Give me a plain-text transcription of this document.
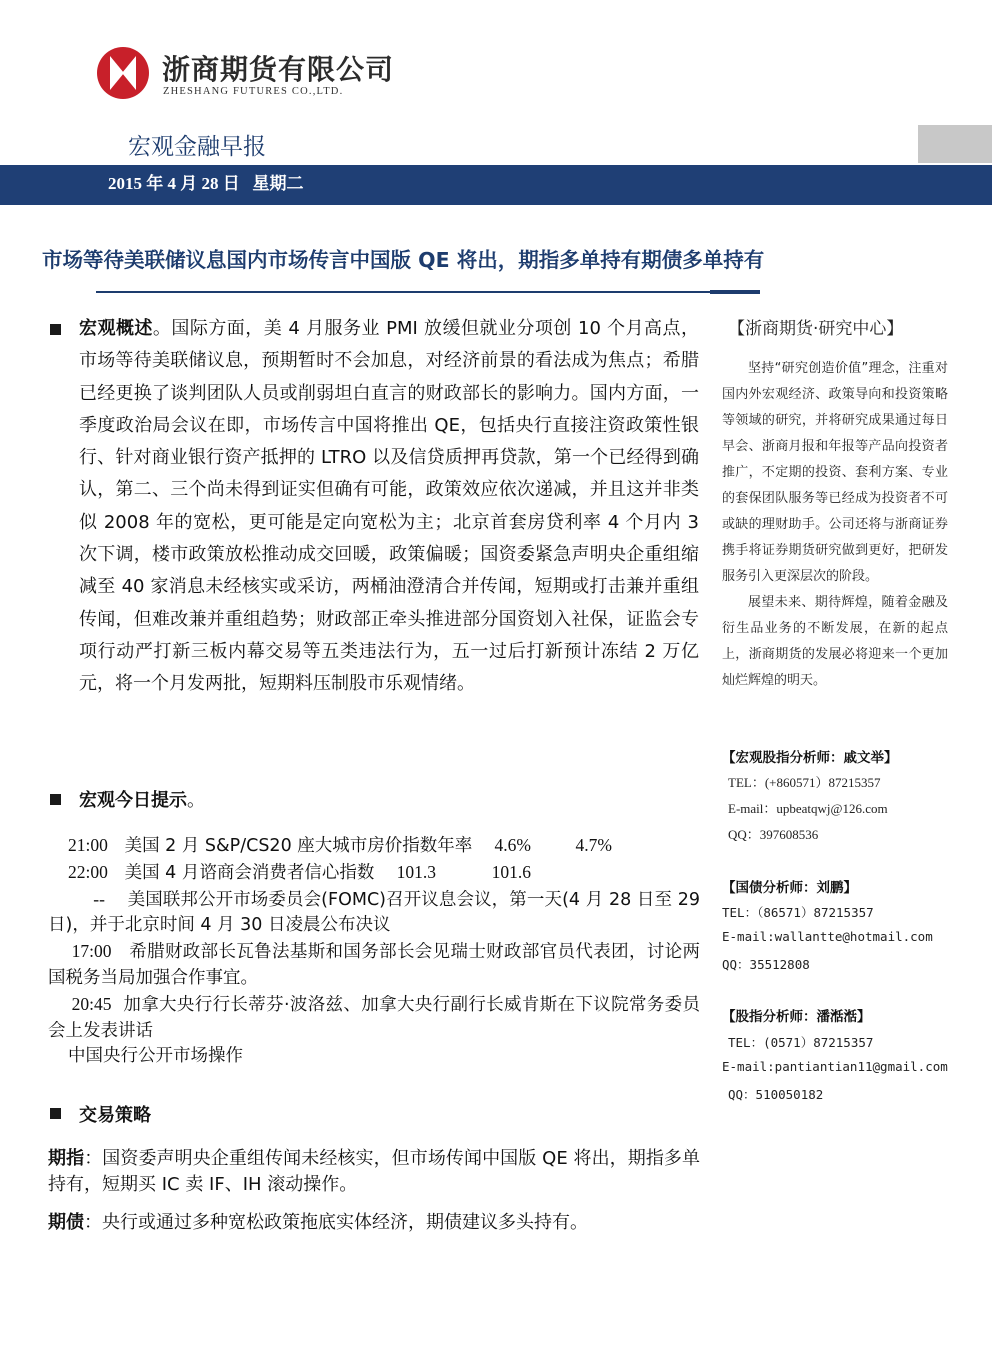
浙商期货有限公司
ZHESHANG FUTURES CO.,LTD.
宏观金融早报
2015 年 4 月 28 日 星期二
市场等待美联储议息国内市场传言中国版 QE 将出，期指多单持有期债多单持有
宏观概述。国际方面，美 4 月服务业 PMI 放缓但就业分项创 10 个月高点，市场等待美联储议息，预期暂时不会加息，对经济前景的看法成为焦点；希腊已经更换了谈判团队人员或削弱坦白直言的财政部长的影响力。国内方面，一季度政治局会议在即，市场传言中国将推出 QE，包括央行直接注资政策性银行、针对商业银行资产抵押的 LTRO 以及信贷质押再贷款，第一个已经得到确认，第二、三个尚未得到证实但确有可能，政策效应依次递减，并且这并非类似 2008 年的宽松，更可能是定向宽松为主；北京首套房贷利率 4 个月内 3 次下调，楼市政策放松推动成交回暖，政策偏暖；国资委紧急声明央企重组缩减至 40 家消息未经核实或采访，两桶油澄清合并传闻，短期或打击兼并重组传闻，但难改兼并重组趋势；财政部正牵头推进部分国资划入社保，证监会专项行动严打新三板内幕交易等五类违法行为，五一过后打新预计冻结 2 万亿元，将一个月发两批，短期料压制股市乐观情绪。
宏观今日提示。

21:00 美国 2 月 S&P/CS20 座大城市房价指数年率 4.6%	4.7%

22:00 美国 4 月谘商会消费者信心指数 101.3	101.6

-- 美国联邦公开市场委员会(FOMC)召开议息会议，第一天(4 月 28 日至 29 日)，并于北京时间 4 月 30 日凌晨公布决议

17:00 希腊财政部长瓦鲁法基斯和国务部长会见瑞士财政部官员代表团，讨论两国税务当局加强合作事宜。

20:45 加拿大央行行长蒂芬·波洛兹、加拿大央行副行长威肯斯在下议院常务委员会上发表讲话

中国央行公开市场操作

交易策略
期指：国资委声明央企重组传闻未经核实，但市场传闻中国版 QE 将出，期指多单持有，短期买 IC 卖 IF、IH 滚动操作。
期债：央行或通过多种宽松政策拖底实体经济，期债建议多头持有。
【浙商期货·研究中心】

坚持“研究创造价值”理念，注重对国内外宏观经济、政策导向和投资策略等领域的研究，并将研究成果通过每日早会、浙商月报和年报等产品向投资者推广，不定期的投资、套利方案、专业的套保团队服务等已经成为投资者不可或缺的理财助手。公司还将与浙商证券携手将证券期货研究做到更好，把研发服务引入更深层次的阶段。

展望未来、期待辉煌，随着金融及衍生品业务的不断发展，在新的起点上，浙商期货的发展必将迎来一个更加灿烂辉煌的明天。

【宏观股指分析师：戚文举】
TEL：(+860571）87215357
E-mail：upbeatqwj@126.com
QQ：397608536
【国债分析师：刘鹏】
TEL：（86571）87215357
E-mail:wallantte@hotmail.com
QQ：35512808
【股指分析师：潘湉湉】
TEL：(0571）87215357
E-mail:pantiantian11@gmail.com
QQ：510050182
